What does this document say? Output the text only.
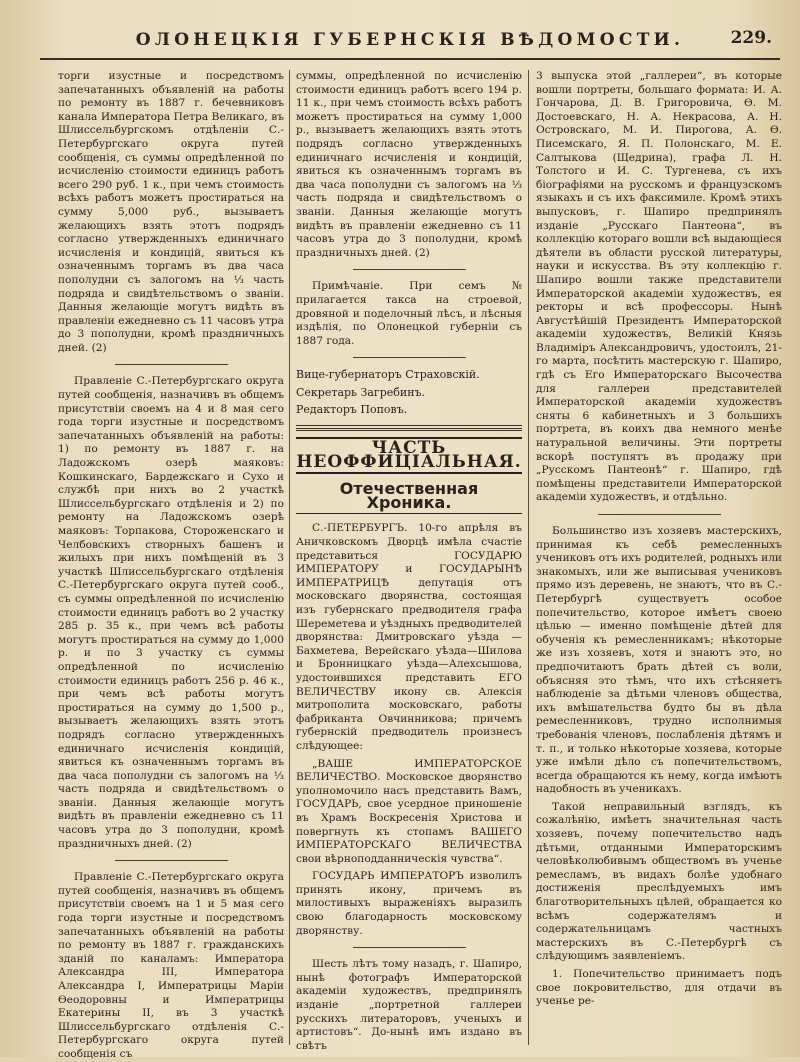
ОЛОНЕЦКІЯ ГУБЕРНСКІЯ ВѢДОМОСТИ.	229.

торги изустные и посредствомъ запечатанныхъ объявленій на работы по ремонту въ 1887 г. бечевниковъ канала Императора Петра Великаго, въ Шлиссельбургскомъ отдѣленіи С.-Петербургскаго округа путей сообщенія, съ суммы опредѣленной по исчисленію стоимости единицъ работъ всего 290 руб. 1 к., при чемъ стоимость всѣхъ работъ можетъ простираться на сумму 5,000 руб., вызываетъ желающихъ взять этотъ подрядъ согласно утвержденныхъ единичнаго исчисленія и кондицій, явиться къ означеннымъ торгамъ въ два часа пополудни съ залогомъ на ⅓ часть подряда и свидѣтельствомъ о званіи. Данныя желающіе могутъ видѣть въ правленіи ежедневно съ 11 часовъ утра до 3 пополудни, кромѣ праздничныхъ дней. (2)

Правленіе С.-Петербургскаго округа путей сообщенія, назначивъ въ общемъ присутствіи своемъ на 4 и 8 мая сего года торги изустные и посредствомъ запечатанныхъ объявленій на работы: 1) по ремонту въ 1887 г. на Ладожскомъ озерѣ маяковъ: Кошкинскаго, Бардежскаго и Сухо и службѣ при нихъ во 2 участкѣ Шлиссельбургскаго отдѣленія и 2) по ремонту на Ладожскомъ озерѣ маяковъ: Торпакова, Стороженскаго и Челбовскихъ створныхъ башенъ и жилыхъ при нихъ помѣщеній въ 3 участкѣ Шлиссельбургскаго отдѣленія С.-Петербургскаго округа путей сооб., съ суммы опредѣленной по исчисленію стоимости единицъ работъ во 2 участку 285 р. 35 к., при чемъ всѣ работы могутъ простираться на сумму до 1,000 р. и по 3 участку съ суммы опредѣленной по исчисленію стоимости единицъ работъ 256 р. 46 к., при чемъ всѣ работы могутъ простираться на сумму до 1,500 р., вызываетъ желающихъ взять этотъ подрядъ согласно утвержденныхъ единичнаго исчисленія кондицій, явиться къ означеннымъ торгамъ въ два часа пополудни съ залогомъ на ⅓ часть подряда и свидѣтельствомъ о званіи. Данныя желающіе могутъ видѣть въ правленіи ежедневно съ 11 часовъ утра до 3 пополудни, кромѣ праздничныхъ дней. (2)

Правленіе С.-Петербургскаго округа путей сообщенія, назначивъ въ общемъ присутствіи своемъ на 1 и 5 мая сего года торги изустные и посредствомъ запечатанныхъ объявленій на работы по ремонту въ 1887 г. гражданскихъ зданій по каналамъ: Императора Александра III, Императора Александра I, Императрицы Маріи Ѳеодоровны и Императрицы Екатерины II, въ 3 участкѣ Шлиссельбургскаго отдѣленія С.-Петербургскаго округа путей сообщенія съ

суммы, опредѣленной по исчисленію стоимости единицъ работъ всего 194 р. 11 к., при чемъ стоимость всѣхъ работъ можетъ простираться на сумму 1,000 р., вызываетъ желающихъ взять этотъ подрядъ согласно утвержденныхъ единичнаго исчисленія и кондицій, явиться къ означеннымъ торгамъ въ два часа пополудни съ залогомъ на ⅓ часть подряда и свидѣтельствомъ о званіи. Данныя желающіе могутъ видѣть въ правленіи ежедневно съ 11 часовъ утра до 3 пополудни, кромѣ праздничныхъ дней. (2)

Примѣчаніе. При семъ № прилагается такса на строевой, дровяной и поделочный лѣсъ, и лѣсныя издѣлія, по Олонецкой губерніи съ 1887 года.

Вице-губернаторъ Страховскій.

Секретарь Загребинъ.

Редакторъ Поповъ.

ЧАСТЬ НЕОФФИЦІАЛЬНАЯ.
Отечественная Хроника.

С.-ПЕТЕРБУРГЪ. 10-го апрѣля въ Аничковскомъ Дворцѣ имѣла счастіе представиться ГОСУДАРЮ ИМПЕРАТОРУ и ГОСУДАРЫНѢ ИМПЕРАТРИЦѢ депутація отъ московскаго дворянства, состоящая изъ губернскаго предводителя графа Шереметева и уѣздныхъ предводителей дворянства: Дмитровскаго уѣзда — Бахметева, Верейскаго уѣзда—Шилова и Бронницкаго уѣзда—Алехсышова, удостоившихся представить ЕГО ВЕЛИЧЕСТВУ икону св. Алексія митрополита московскаго, работы фабриканта Овчинникова; причемъ губернскій предводитель произнесъ слѣдующее:

„ВАШЕ ИМПЕРАТОРСКОЕ ВЕЛИЧЕСТВО. Московское дворянство уполномочило насъ представить Вамъ, ГОСУДАРЬ, свое усердное приношеніе въ Храмъ Воскресенія Христова и повергнуть къ стопамъ ВАШЕГО ИМПЕРАТОРСКАГО ВЕЛИЧЕСТВА свои вѣрноподданническія чувства“.

ГОСУДАРЬ ИМПЕРАТОРЪ изволилъ принять икону, причемъ въ милостивыхъ выраженіяхъ выразилъ свою благодарность московскому дворянству.

Шесть лѣтъ тому назадъ, г. Шапиро, нынѣ фотографъ Императорской академіи художествъ, предпринялъ изданіе „портретной галлереи русскихъ литераторовъ, ученыхъ и артистовъ“. До-нынѣ имъ издано въ свѣтъ

3 выпуска этой „галлереи“, въ которые вошли портреты, большаго формата: И. А. Гончарова, Д. В. Григоровича, Ѳ. М. Достоевскаго, Н. А. Некрасова, А. Н. Островскаго, М. И. Пирогова, А. Ѳ. Писемскаго, Я. П. Полонскаго, М. Е. Салтыкова (Щедрина), графа Л. Н. Толстого и И. С. Тургенева, съ ихъ біографіями на русскомъ и французскомъ языкахъ и съ ихъ факсимиле. Кромѣ этихъ выпусковъ, г. Шапиро предпринялъ изданіе „Русскаго Пантеона“, въ коллекцію котораго вошли всѣ выдающіеся дѣятели въ области русской литературы, науки и искусства. Въ эту коллекцію г. Шапиро вошли также представители Императорской академіи художествъ, ея ректоры и всѣ профессоры. Нынѣ Августѣйшій Президентъ Императорской академіи художествъ, Великій Князь Владиміръ Александровичъ, удостоилъ, 21-го марта, посѣтить мастерскую г. Шапиро, гдѣ съ Его Императорскаго Высочества для галлереи представителей Императорской академіи художествъ сняты 6 кабинетныхъ и 3 большихъ портрета, въ коихъ два немного менѣе натуральной величины. Эти портреты вскорѣ поступятъ въ продажу при „Русскомъ Пантеонѣ“ г. Шапиро, гдѣ помѣщены представители Императорской академіи художествъ, и отдѣльно.

Большинство изъ хозяевъ мастерскихъ, принимая къ себѣ ремесленныхъ учениковъ отъ ихъ родителей, родныхъ или знакомыхъ, или же выписывая учениковъ прямо изъ деревень, не знаютъ, что въ С.-Петербургѣ существуетъ особое попечительство, которое имѣетъ своею цѣлью — именно помѣщеніе дѣтей для обученія къ ремесленникамъ; нѣкоторые же изъ хозяевъ, хотя и знаютъ это, но предпочитаютъ брать дѣтей съ воли, объясняя это тѣмъ, что ихъ стѣсняетъ наблюденіе за дѣтьми членовъ общества, ихъ вмѣшательства будто бы въ дѣла ремесленниковъ, трудно исполнимыя требованія членовъ, послабленія дѣтямъ и т. п., и только нѣкоторые хозяева, которые уже имѣли дѣло съ попечительствомъ, всегда обращаются къ нему, когда имѣютъ надобность въ ученикахъ.

Такой неправильный взглядъ, къ сожалѣнію, имѣетъ значительная часть хозяевъ, почему попечительство надъ дѣтьми, отданными Императорскимъ человѣколюбивымъ обществомъ въ ученье ремесламъ, въ видахъ болѣе удобнаго достиженія преслѣдуемыхъ имъ благотворительныхъ цѣлей, обращается ко всѣмъ содержателямъ и содержательницамъ частныхъ мастерскихъ въ С.-Петербургѣ съ слѣдующимъ заявленіемъ.

1. Попечительство принимаетъ подъ свое покровительство, для отдачи въ ученье ре-
